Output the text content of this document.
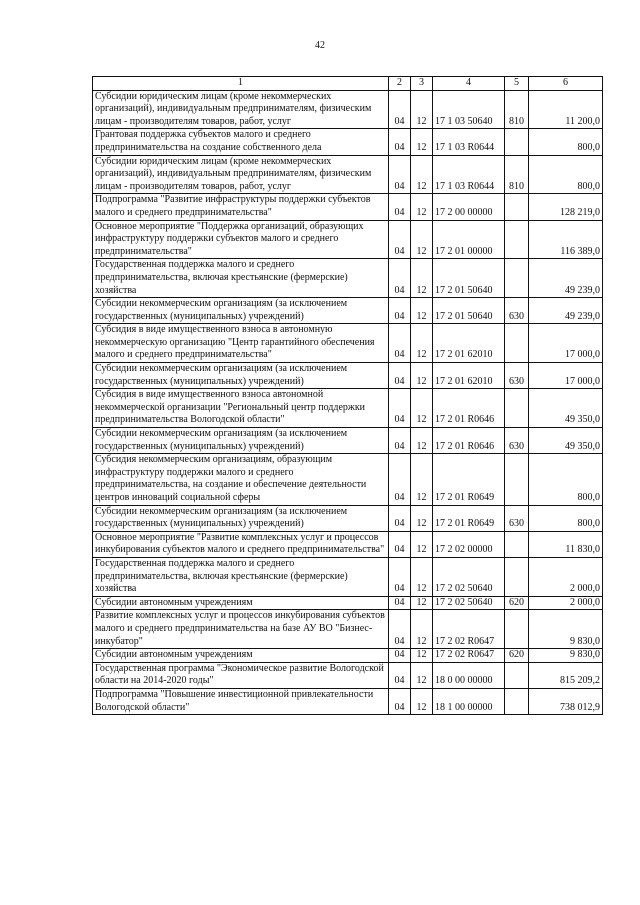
42
1	2	3	4	5	6
Субсидии юридическим лицам (кроме некоммерческих организаций), индивидуальным предпринимателям, физическим лицам - производителям товаров, работ, услуг	04	12	17 1 03 50640	810	11 200,0
Грантовая поддержка субъектов малого и среднего предпринимательства на создание собственного дела	04	12	17 1 03 R0644		800,0
Субсидии юридическим лицам (кроме некоммерческих организаций), индивидуальным предпринимателям, физическим лицам - производителям товаров, работ, услуг	04	12	17 1 03 R0644	810	800,0
Подпрограмма "Развитие инфраструктуры поддержки субъектов малого и среднего предпринимательства"	04	12	17 2 00 00000		128 219,0
Основное мероприятие "Поддержка организаций, образующих инфраструктуру поддержки субъектов малого и среднего предпринимательства"	04	12	17 2 01 00000		116 389,0
Государственная поддержка малого и среднего предпринимательства, включая крестьянские (фермерские) хозяйства	04	12	17 2 01 50640		49 239,0
Субсидии некоммерческим организациям (за исключением государственных (муниципальных) учреждений)	04	12	17 2 01 50640	630	49 239,0
Субсидия в виде имущественного взноса в автономную некоммерческую организацию "Центр гарантийного обеспечения малого и среднего предпринимательства"	04	12	17 2 01 62010		17 000,0
Субсидии некоммерческим организациям (за исключением государственных (муниципальных) учреждений)	04	12	17 2 01 62010	630	17 000,0
Субсидия в виде имущественного взноса автономной некоммерческой организации "Региональный центр поддержки предпринимательства Вологодской области"	04	12	17 2 01 R0646		49 350,0
Субсидии некоммерческим организациям (за исключением государственных (муниципальных) учреждений)	04	12	17 2 01 R0646	630	49 350,0
Субсидия некоммерческим организациям, образующим инфраструктуру поддержки малого и среднего предпринимательства, на создание и обеспечение деятельности центров инноваций социальной сферы	04	12	17 2 01 R0649		800,0
Субсидии некоммерческим организациям (за исключением государственных (муниципальных) учреждений)	04	12	17 2 01 R0649	630	800,0
Основное мероприятие "Развитие комплексных услуг и процессов инкубирования субъектов малого и среднего предпринимательства"	04	12	17 2 02 00000		11 830,0
Государственная поддержка малого и среднего предпринимательства, включая крестьянские (фермерские) хозяйства	04	12	17 2 02 50640		2 000,0
Субсидии автономным учреждениям	04	12	17 2 02 50640	620	2 000,0
Развитие комплексных услуг и процессов инкубирования субъектов малого и среднего предпринимательства на базе АУ ВО "Бизнес-инкубатор"	04	12	17 2 02 R0647		9 830,0
Субсидии автономным учреждениям	04	12	17 2 02 R0647	620	9 830,0
Государственная программа "Экономическое развитие Вологодской области на 2014-2020 годы"	04	12	18 0 00 00000		815 209,2
Подпрограмма "Повышение инвестиционной привлекательности Вологодской области"	04	12	18 1 00 00000		738 012,9
